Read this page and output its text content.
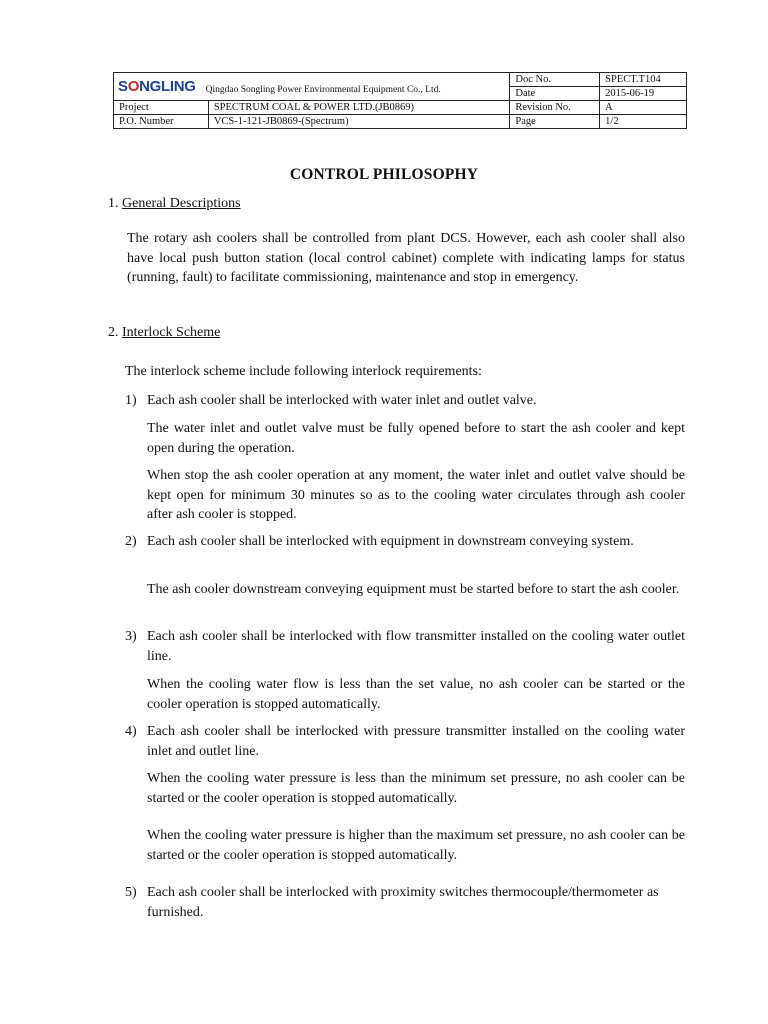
SONGLING Qingdao Songling Power Environmental Equipment Co., Ltd.		Doc No.	SPECT.T104
		Date	2015-06-19
Project	SPECTRUM COAL & POWER LTD.(JB0869)	Revision No.	A
P.O. Number	VCS-1-121-JB0869-(Spectrum)	Page	1/2
CONTROL PHILOSOPHY
1. General Descriptions

The rotary ash coolers shall be controlled from plant DCS. However, each ash cooler shall also have local push button station (local control cabinet) complete with indicating lamps for status (running, fault) to facilitate commissioning, maintenance and stop in emergency.

2. Interlock Scheme

The interlock scheme include following interlock requirements:

1) Each ash cooler shall be interlocked with water inlet and outlet valve.
The water inlet and outlet valve must be fully opened before to start the ash cooler and kept open during the operation.
When stop the ash cooler operation at any moment, the water inlet and outlet valve should be kept open for minimum 30 minutes so as to the cooling water circulates through ash cooler after ash cooler is stopped.
2) Each ash cooler shall be interlocked with equipment in downstream conveying system.
The ash cooler downstream conveying equipment must be started before to start the ash cooler.
3) Each ash cooler shall be interlocked with flow transmitter installed on the cooling water outlet line.
When the cooling water flow is less than the set value, no ash cooler can be started or the cooler operation is stopped automatically.
4) Each ash cooler shall be interlocked with pressure transmitter installed on the cooling water inlet and outlet line.
When the cooling water pressure is less than the minimum set pressure, no ash cooler can be started or the cooler operation is stopped automatically.
When the cooling water pressure is higher than the maximum set pressure, no ash cooler can be started or the cooler operation is stopped automatically.
5) Each ash cooler shall be interlocked with proximity switches thermocouple/thermometer as furnished.
